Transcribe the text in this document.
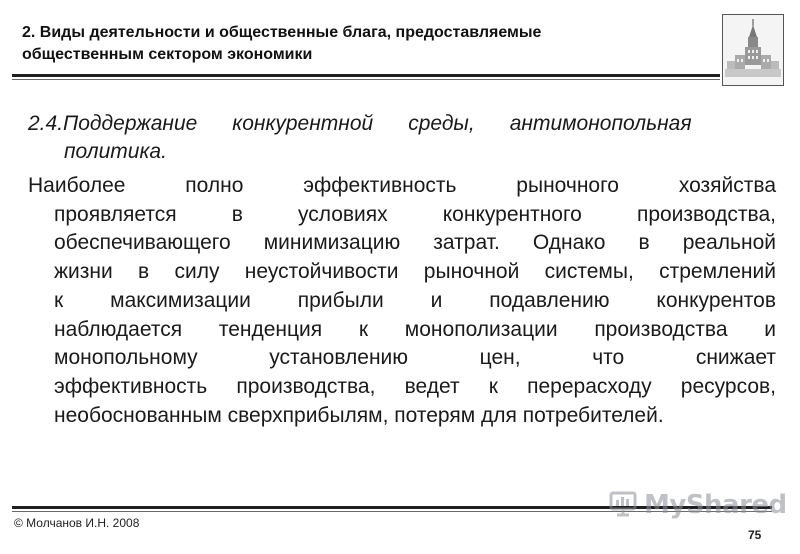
2. Виды деятельности и общественные блага, предоставляемые
общественным сектором экономики
2.4.Поддержание      конкурентной      среды,      антимонопольная
политика.
Наиболее   полно   эффективность   рыночного   хозяйства
проявляется   в   условиях   конкурентного   производства,
обеспечивающего минимизацию затрат. Однако в реальной
жизни в силу неустойчивости рыночной системы, стремлений
к   максимизации   прибыли   и   подавлению   конкурентов
наблюдается тенденция к монополизации производства и
монопольному   установлению   цен,   что   снижает
эффективность производства, ведет к перерасходу ресурсов,
необоснованным сверхприбылям, потерям для потребителей.
© Молчанов И.Н. 2008
MyShared
75
